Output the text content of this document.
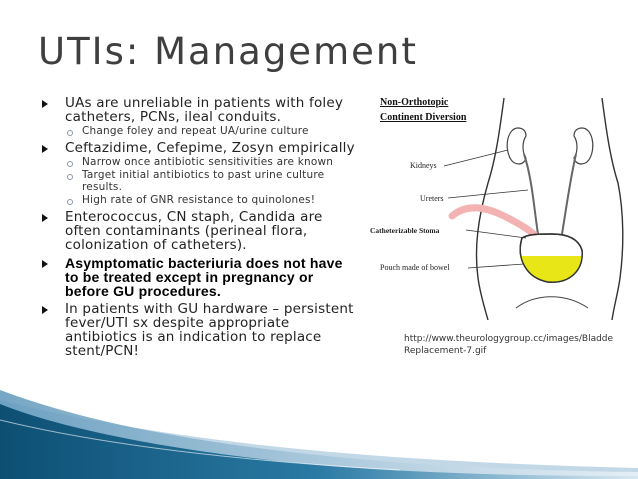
UTIs: Management
UAs are unreliable in patients with foley catheters, PCNs, ileal conduits.
Change foley and repeat UA/urine culture
Ceftazidime, Cefepime, Zosyn empirically
Narrow once antibiotic sensitivities are known
Target initial antibiotics to past urine culture results.
High rate of GNR resistance to quinolones!
Enterococcus, CN staph, Candida are often contaminants (perineal flora, colonization of catheters).
Asymptomatic bacteriuria does not have to be treated except in pregnancy or before GU procedures.
In patients with GU hardware – persistent fever/UTI sx despite appropriate antibiotics is an indication to replace stent/PCN!
Non-Orthotopic
Continent Diversion
Kidneys
Ureters
Catheterizable Stoma
Pouch made of bowel
http://www.theurologygroup.cc/images/Bladde
Replacement-7.gif
